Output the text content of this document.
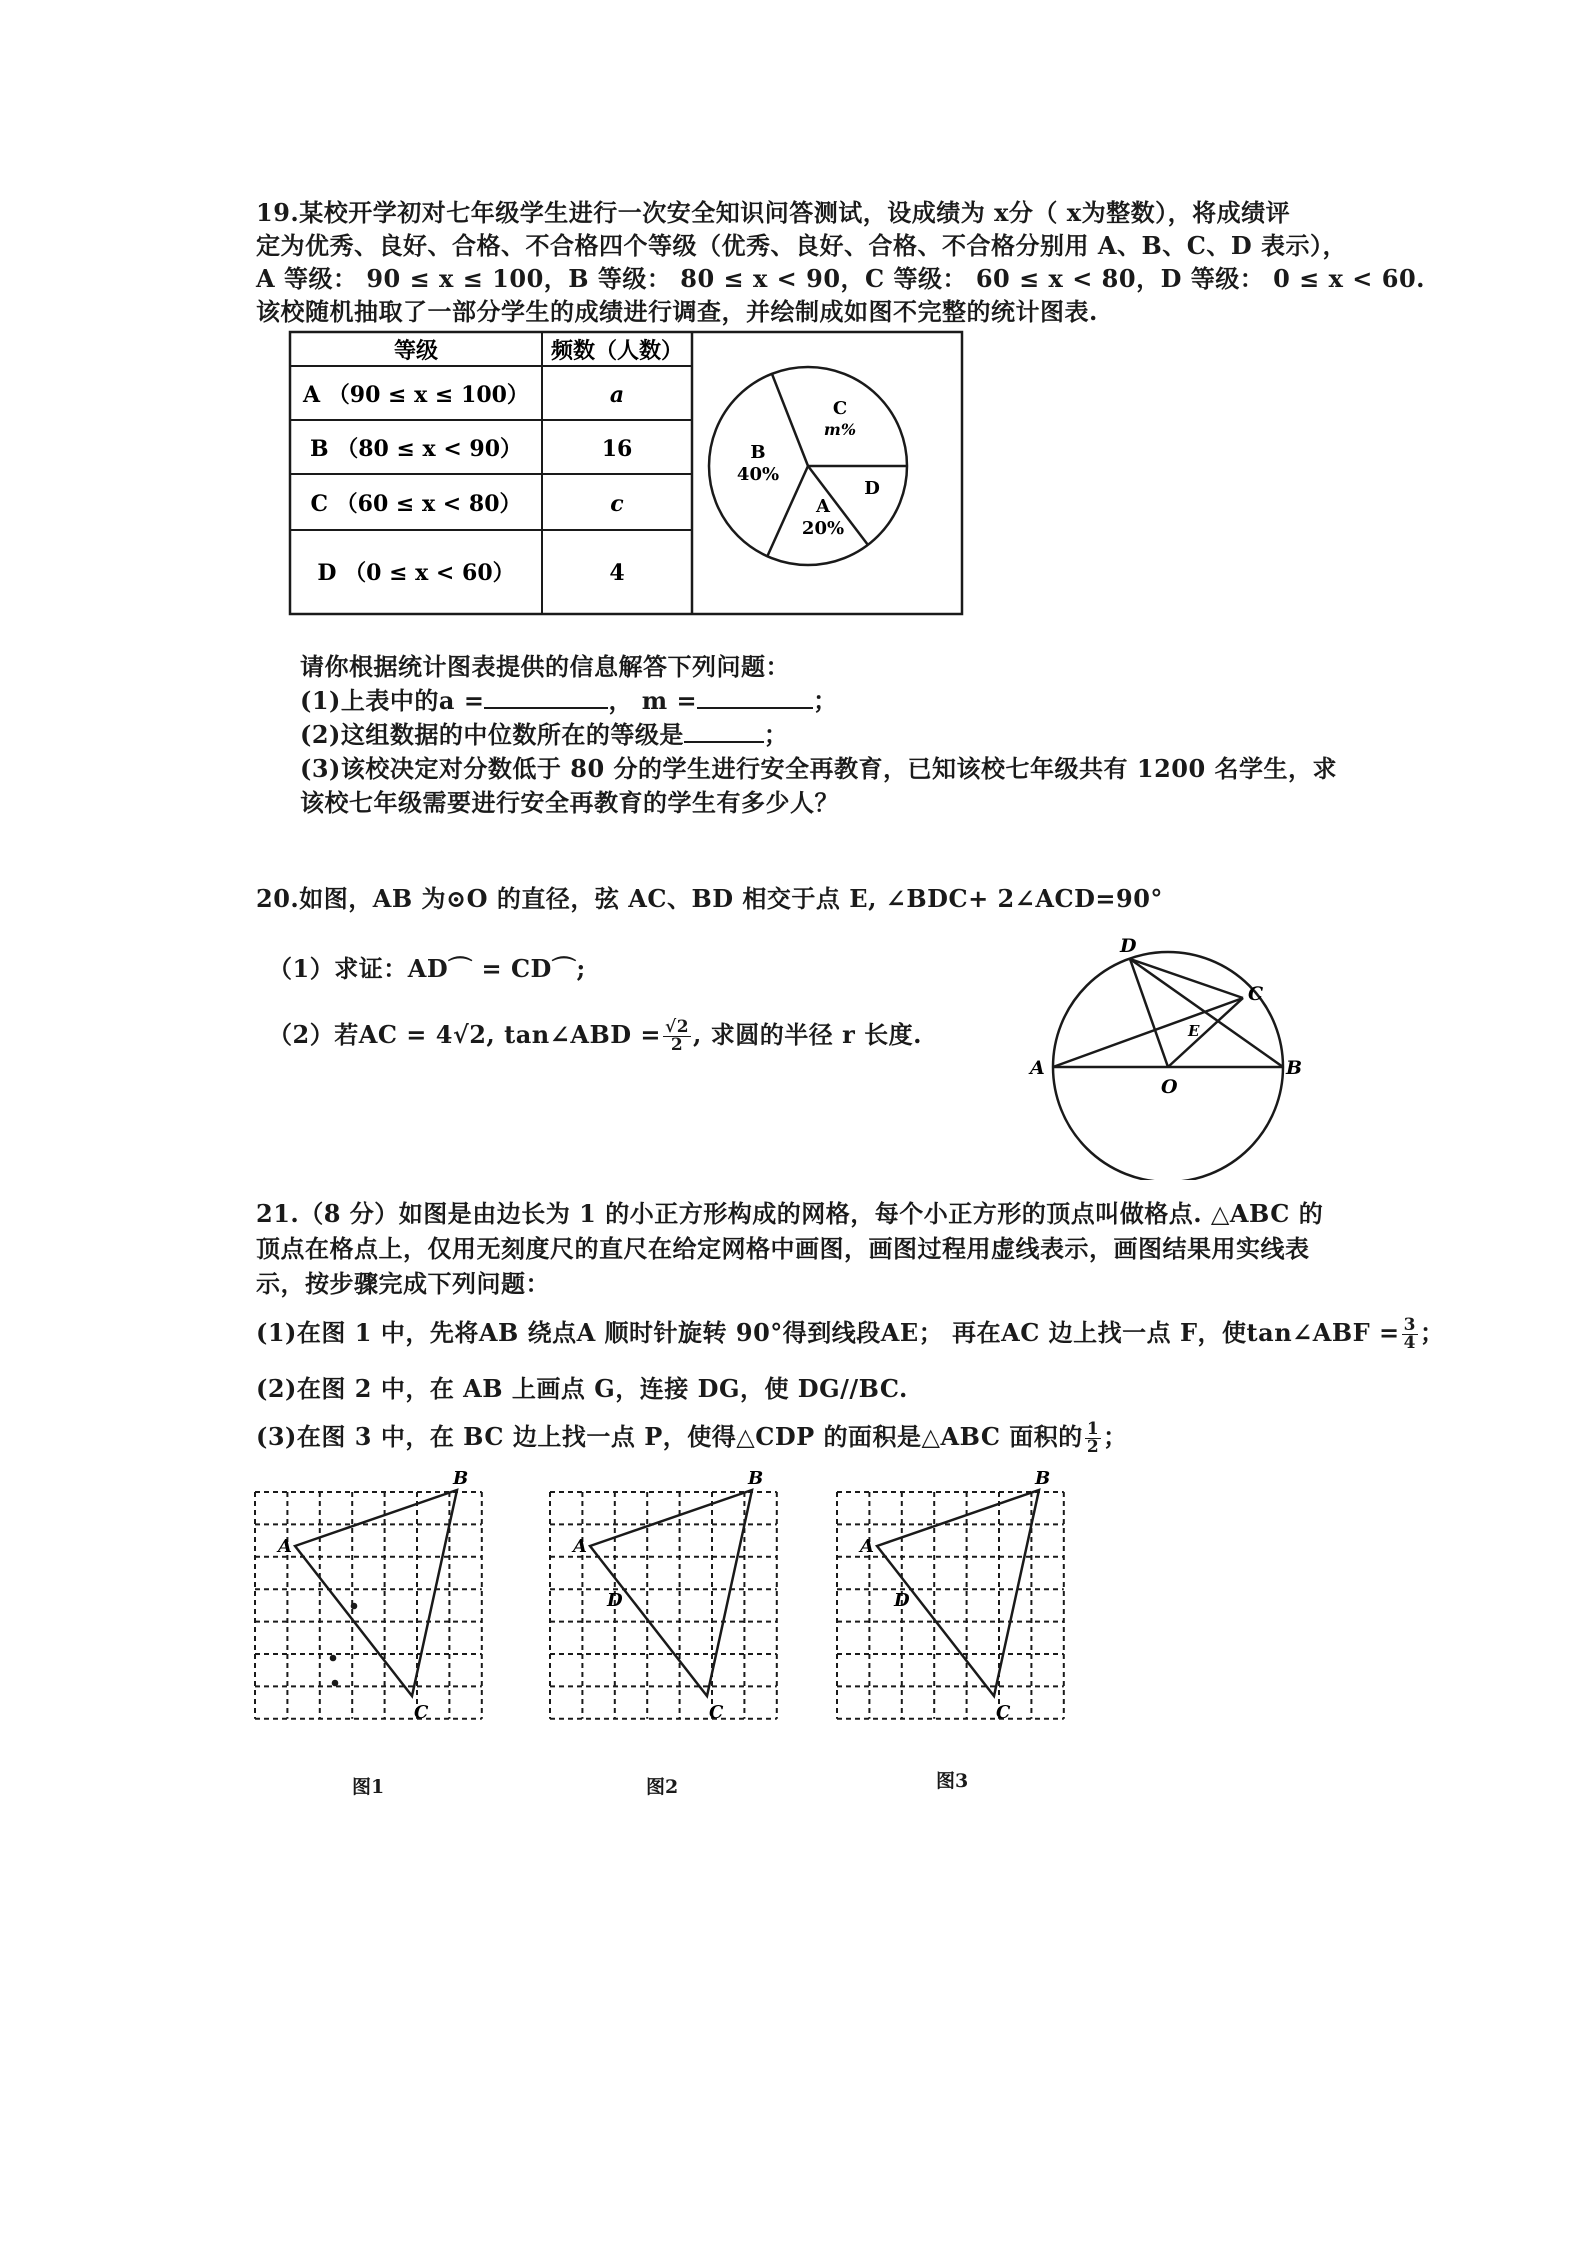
19.某校开学初对七年级学生进行一次安全知识问答测试，设成绩为 x分（ x为整数），将成绩评

定为优秀、良好、合格、不合格四个等级（优秀、良好、合格、不合格分别用 A、B、C、D 表示），

A 等级： 90 ≤ x ≤ 100，B 等级： 80 ≤ x < 90，C 等级： 60 ≤ x < 80，D 等级： 0 ≤ x < 60.

该校随机抽取了一部分学生的成绩进行调查，并绘制成如图不完整的统计图表.

等级	频数（人数）
A （90 ≤ x ≤ 100）	a
B （80 ≤ x < 90）	16
C （60 ≤ x < 80）	c
D （0 ≤ x < 60）	4
C
m%
B
40%
A
20%
D

请你根据统计图表提供的信息解答下列问题：

(1)上表中的a =	， m =	；

(2)这组数据的中位数所在的等级是	；

(3)该校决定对分数低于 80 分的学生进行安全再教育，已知该校七年级共有 1200 名学生，求

该校七年级需要进行安全再教育的学生有多少人？

20.如图，AB 为⊙O 的直径，弦 AC、BD 相交于点 E, ∠BDC+ 2∠ACD=90°

（1）求证：AD⌒ = CD⌒;

（2）若AC = 4√2, tan∠ABD = $\frac{√2}{2}$ , 求圆的半径 r 长度.

D
C
E
A
O
B

21.（8 分）如图是由边长为 1 的小正方形构成的网格，每个小正方形的顶点叫做格点. △ABC 的

顶点在格点上，仅用无刻度尺的直尺在给定网格中画图，画图过程用虚线表示，画图结果用实线表

示，按步骤完成下列问题：

(1)在图 1 中，先将AB 绕点A 顺时针旋转 90°得到线段AE； 再在AC 边上找一点 F，使tan∠ABF = $\frac{3}{4}$ ；

(2)在图 2 中，在 AB 上画点 G，连接 DG，使 DG//BC.

(3)在图 3 中，在 BC 边上找一点 P，使得△CDP 的面积是△ABC 面积的 $\frac{1}{2}$ ；

A
B
C
图1
A
B
C
D
图2
A
B
C
D
图3
